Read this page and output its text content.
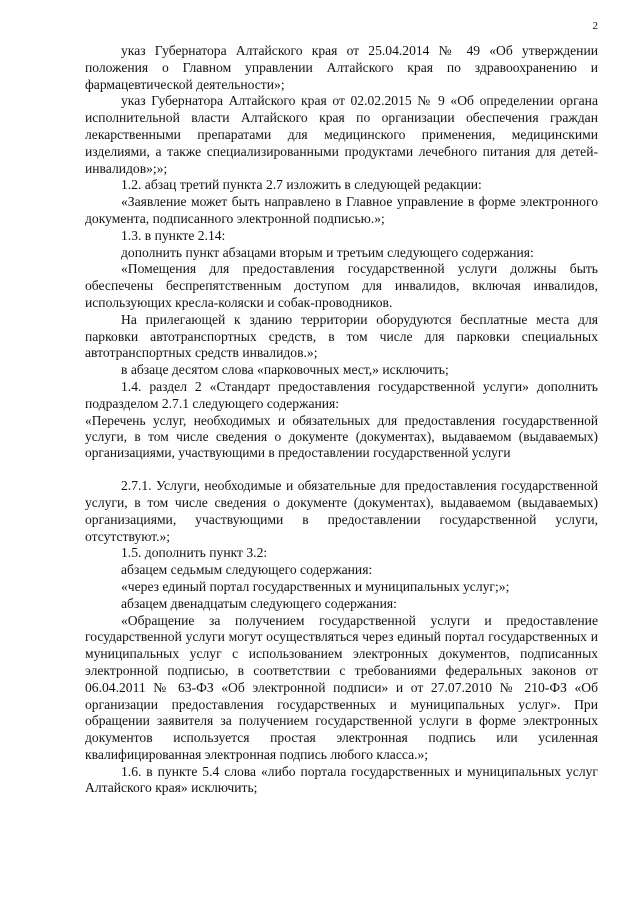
2

указ Губернатора Алтайского края от 25.04.2014 № 49 «Об утверждении положения о Главном управлении Алтайского края по здравоохранению и фармацевтической деятельности»;

указ Губернатора Алтайского края от 02.02.2015 № 9 «Об определении органа исполнительной власти Алтайского края по организации обеспечения граждан лекарственными препаратами для медицинского применения, медицинскими изделиями, а также специализированными продуктами лечебного питания для детей-инвалидов»;»;

1.2. абзац третий пункта 2.7 изложить в следующей редакции:

«Заявление может быть направлено в Главное управление в форме электронного документа, подписанного электронной подписью.»;

1.3. в пункте 2.14:

дополнить пункт абзацами вторым и третьим следующего содержания:

«Помещения для предоставления государственной услуги должны быть обеспечены беспрепятственным доступом для инвалидов, включая инвалидов, использующих кресла-коляски и собак-проводников.

На прилегающей к зданию территории оборудуются бесплатные места для парковки автотранспортных средств, в том числе для парковки специальных автотранспортных средств инвалидов.»;

в абзаце десятом слова «парковочных мест,» исключить;

1.4. раздел 2 «Стандарт предоставления государственной услуги» дополнить подразделом 2.7.1 следующего содержания:

«Перечень услуг, необходимых и обязательных для предоставления государственной услуги, в том числе сведения о документе (документах), выдаваемом (выдаваемых) организациями, участвующими в предоставлении государственной услуги

2.7.1. Услуги, необходимые и обязательные для предоставления государственной услуги, в том числе сведения о документе (документах), выдаваемом (выдаваемых) организациями, участвующими в предоставлении государственной услуги, отсутствуют.»;

1.5. дополнить пункт 3.2:

абзацем седьмым следующего содержания:

«через единый портал государственных и муниципальных услуг;»;

абзацем двенадцатым следующего содержания:

«Обращение за получением государственной услуги и предоставление государственной услуги могут осуществляться через единый портал государственных и муниципальных услуг с использованием электронных документов, подписанных электронной подписью, в соответствии с требованиями федеральных законов от 06.04.2011 № 63-ФЗ «Об электронной подписи» и от 27.07.2010 № 210-ФЗ «Об организации предоставления государственных и муниципальных услуг». При обращении заявителя за получением государственной услуги в форме электронных документов используется простая электронная подпись или усиленная квалифицированная электронная подпись любого класса.»;

1.6. в пункте 5.4 слова «либо портала государственных и муниципальных услуг Алтайского края» исключить;
